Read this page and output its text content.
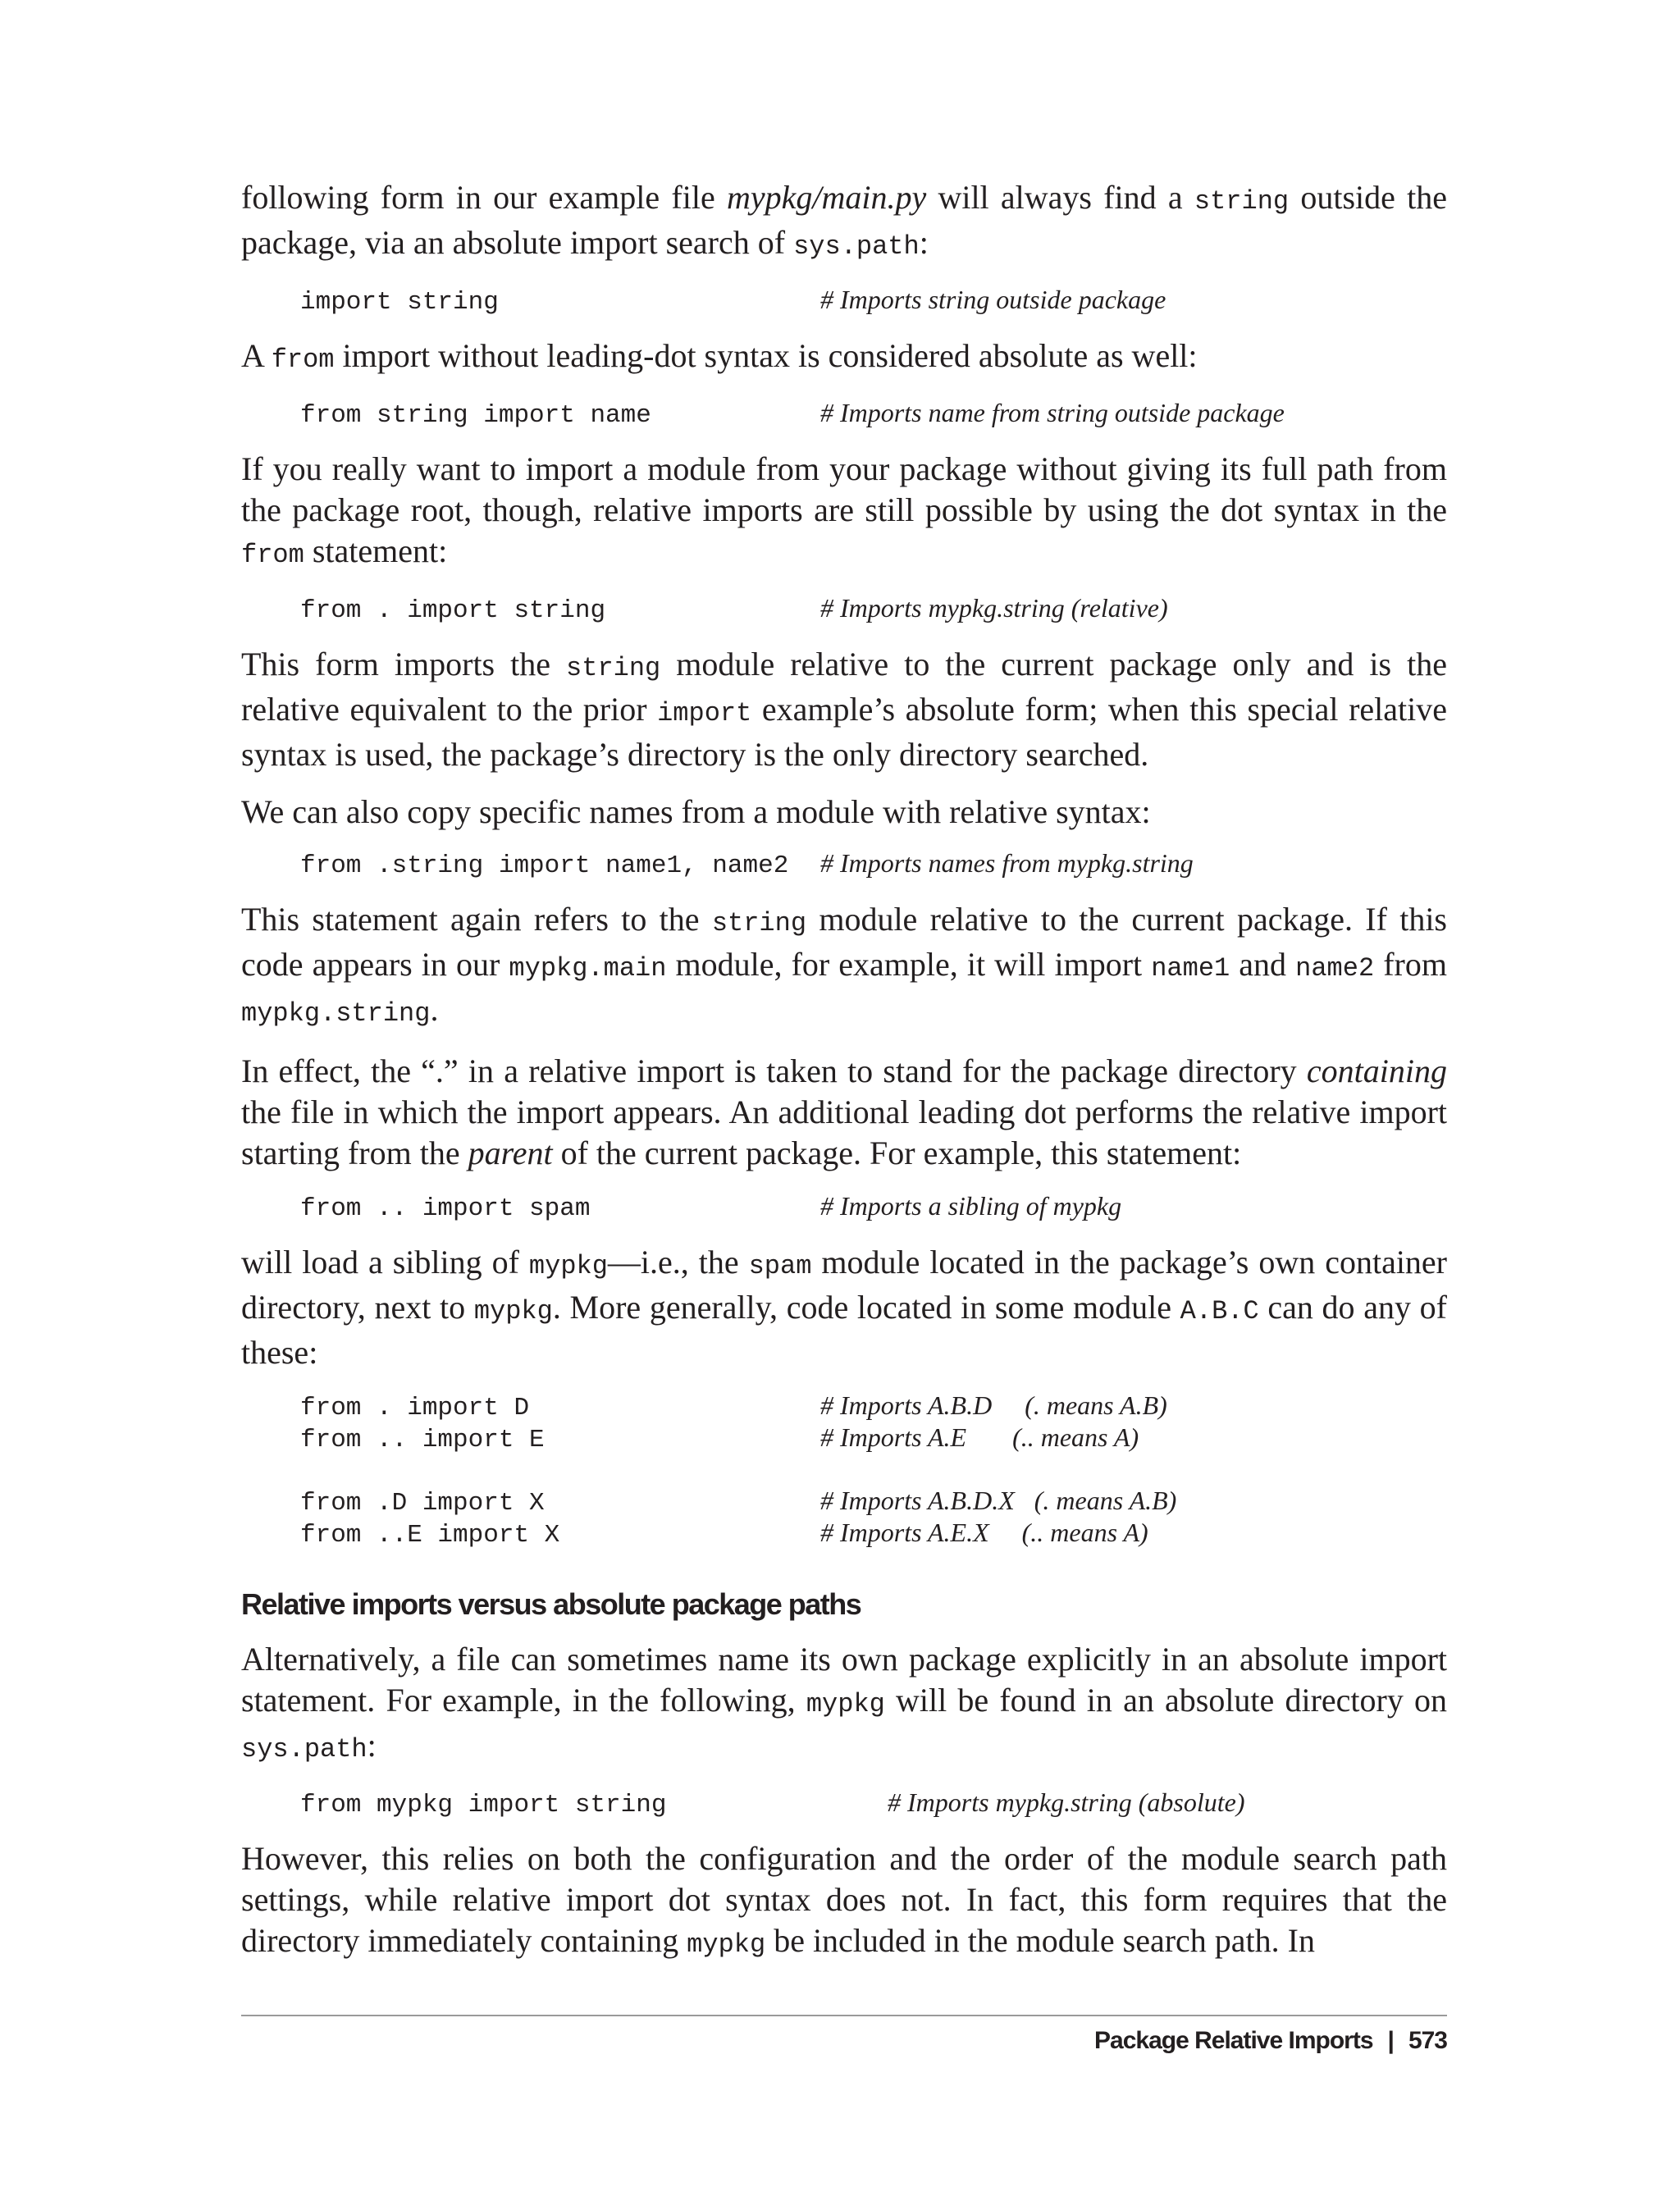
following form in our example file mypkg/main.py will always find a string outside the package, via an absolute import search of sys.path:

import string	# Imports string outside package

A from import without leading-dot syntax is considered absolute as well:

from string import name	# Imports name from string outside package

If you really want to import a module from your package without giving its full path from the package root, though, relative imports are still possible by using the dot syntax in the from statement:

from . import string	# Imports mypkg.string (relative)

This form imports the string module relative to the current package only and is the relative equivalent to the prior import example’s absolute form; when this special relative syntax is used, the package’s directory is the only directory searched.

We can also copy specific names from a module with relative syntax:

from .string import name1, name2	# Imports names from mypkg.string

This statement again refers to the string module relative to the current package. If this code appears in our mypkg.main module, for example, it will import name1 and name2 from mypkg.string.

In effect, the “.” in a relative import is taken to stand for the package directory containing the file in which the import appears. An additional leading dot performs the relative import starting from the parent of the current package. For example, this statement:

from .. import spam	# Imports a sibling of mypkg

will load a sibling of mypkg—i.e., the spam module located in the package’s own container directory, next to mypkg. More generally, code located in some module A.B.C can do any of these:

from . import D	# Imports A.B.D     (. means A.B)
from .. import E	# Imports A.E       (.. means A)
from .D import X	# Imports A.B.D.X   (. means A.B)
from ..E import X	# Imports A.E.X     (.. means A)
Relative imports versus absolute package paths

Alternatively, a file can sometimes name its own package explicitly in an absolute import statement. For example, in the following, mypkg will be found in an absolute directory on sys.path:

from mypkg import string	# Imports mypkg.string (absolute)

However, this relies on both the configuration and the order of the module search path settings, while relative import dot syntax does not. In fact, this form requires that the directory immediately containing mypkg be included in the module search path. In

Package Relative Imports | 573
